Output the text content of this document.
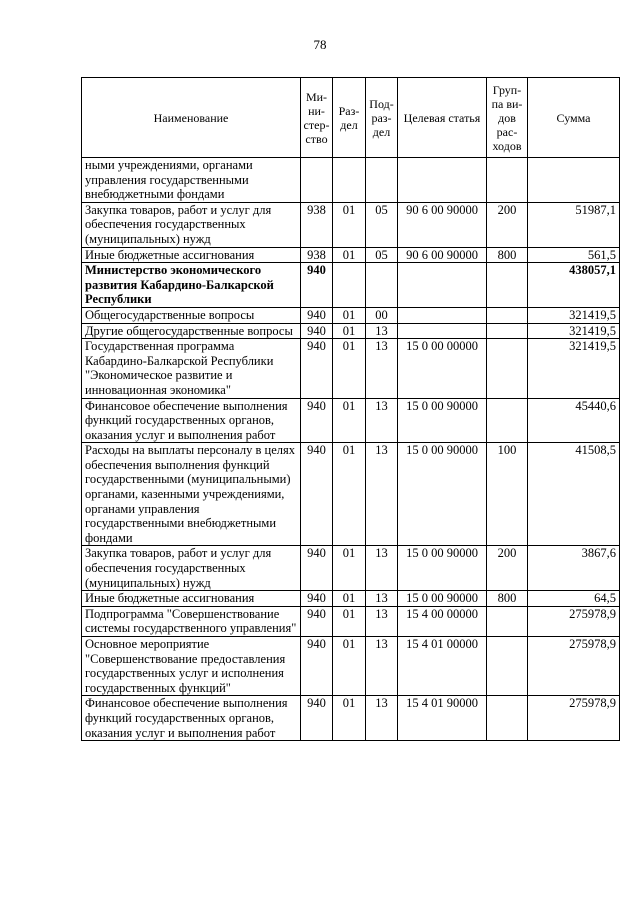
78
Наименование	Ми-ни-стер-ство	Раз-дел	Под-раз-дел	Целевая статья	Груп-па ви-дов рас-ходов	Сумма
ными учреждениями, органами управления государственными внебюджетными фондами						
Закупка товаров, работ и услуг для обеспечения государственных (муниципальных) нужд	938	01	05	90 6 00 90000	200	51987,1
Иные бюджетные ассигнования	938	01	05	90 6 00 90000	800	561,5
Министерство экономического развития Кабардино-Балкарской Республики	940					438057,1
Общегосударственные вопросы	940	01	00			321419,5
Другие общегосударственные вопросы	940	01	13			321419,5
Государственная программа Кабардино-Балкарской Республики "Экономическое развитие и инновационная экономика"	940	01	13	15 0 00 00000		321419,5
Финансовое обеспечение выполнения функций государственных органов, оказания услуг и выполнения работ	940	01	13	15 0 00 90000		45440,6
Расходы на выплаты персоналу в целях обеспечения выполнения функций государственными (муниципальными) органами, казенными учреждениями, органами управления государственными внебюджетными фондами	940	01	13	15 0 00 90000	100	41508,5
Закупка товаров, работ и услуг для обеспечения государственных (муниципальных) нужд	940	01	13	15 0 00 90000	200	3867,6
Иные бюджетные ассигнования	940	01	13	15 0 00 90000	800	64,5
Подпрограмма "Совершенствование системы государственного управления"	940	01	13	15 4 00 00000		275978,9
Основное мероприятие "Совершенствование предоставления государственных услуг и исполнения государственных функций"	940	01	13	15 4 01 00000		275978,9
Финансовое обеспечение выполнения функций государственных органов, оказания услуг и выполнения работ	940	01	13	15 4 01 90000		275978,9
